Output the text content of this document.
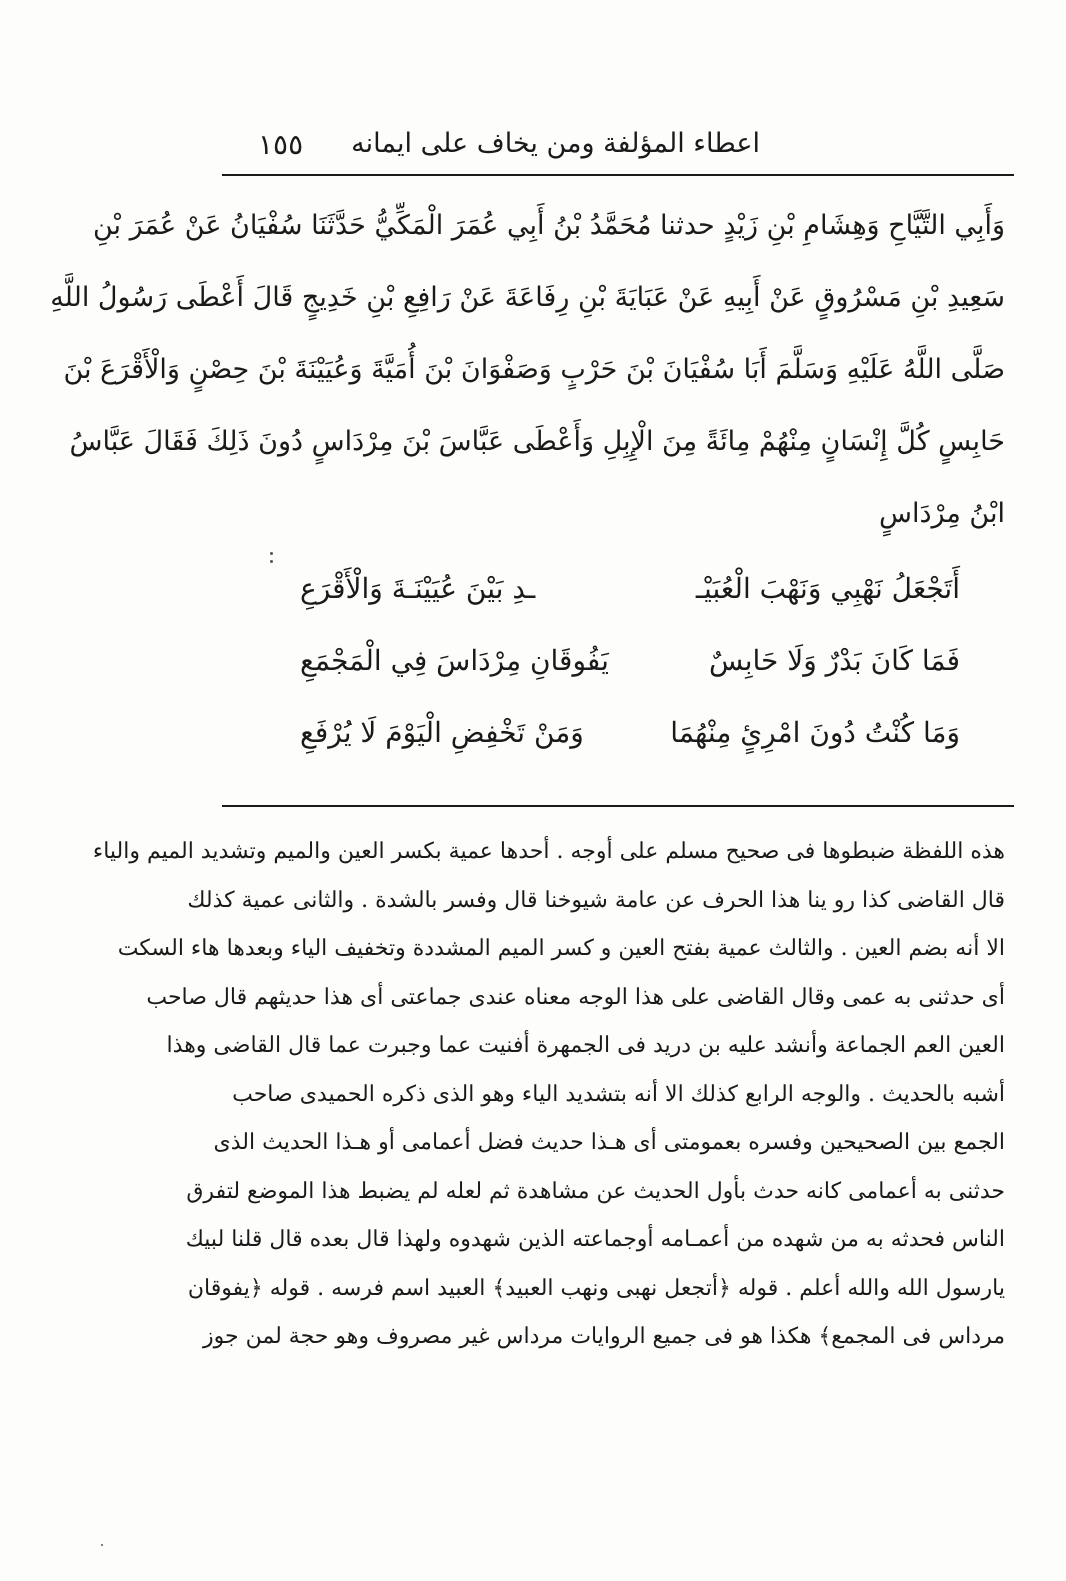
١٥٥ اعطاء المؤلفة ومن يخاف على ايمانه
وَأَبِي التَّيَّاحِ وَهِشَامِ بْنِ زَيْدٍ حدثنا مُحَمَّدُ بْنُ أَبِي عُمَرَ الْمَكِّيُّ حَدَّثَنَا سُفْيَانُ عَنْ عُمَرَ بْنِ
سَعِيدِ بْنِ مَسْرُوقٍ عَنْ أَبِيهِ عَنْ عَبَايَةَ بْنِ رِفَاعَةَ عَنْ رَافِعِ بْنِ خَدِيجٍ قَالَ أَعْطَى رَسُولُ اللَّهِ
صَلَّى اللَّهُ عَلَيْهِ وَسَلَّمَ أَبَا سُفْيَانَ بْنَ حَرْبٍ وَصَفْوَانَ بْنَ أُمَيَّةَ وَعُيَيْنَةَ بْنَ حِصْنٍ وَالْأَقْرَعَ بْنَ
حَابِسٍ كُلَّ إِنْسَانٍ مِنْهُمْ مِائَةً مِنَ الْإِبِلِ وَأَعْطَى عَبَّاسَ بْنَ مِرْدَاسٍ دُونَ ذَلِكَ فَقَالَ عَبَّاسُ
ابْنُ مِرْدَاسٍ
أَتَجْعَلُ نَهْبِي وَنَهْبَ الْعُبَيْـ
ـدِ بَيْنَ عُيَيْنَـةَ وَالْأَقْرَعِ
فَمَا كَانَ بَدْرٌ وَلَا حَابِسٌ
يَفُوقَانِ مِرْدَاسَ فِي الْمَجْمَعِ
وَمَا كُنْتُ دُونَ امْرِئٍ مِنْهُمَا
وَمَنْ تَخْفِضِ الْيَوْمَ لَا يُرْفَعِ
هذه اللفظة ضبطوها فى صحيح مسلم على أوجه . أحدها عمية بكسر العين والميم وتشديد الميم والياء
قال القاضى كذا رو ينا هذا الحرف عن عامة شيوخنا قال وفسر بالشدة . والثانى عمية كذلك
الا أنه بضم العين . والثالث عمية بفتح العين و كسر الميم المشددة وتخفيف الياء وبعدها هاء السكت
أى حدثنى به عمى وقال القاضى على هذا الوجه معناه عندى جماعتى أى هذا حديثهم قال صاحب
العين العم الجماعة وأنشد عليه بن دريد فى الجمهرة أفنيت عما وجبرت عما قال القاضى وهذا
أشبه بالحديث . والوجه الرابع كذلك الا أنه بتشديد الياء وهو الذى ذكره الحميدى صاحب
الجمع بين الصحيحين وفسره بعمومتى أى هـذا حديث فضل أعمامى أو هـذا الحديث الذى
حدثنى به أعمامى كانه حدث بأول الحديث عن مشاهدة ثم لعله لم يضبط هذا الموضع لتفرق
الناس فحدثه به من شهده من أعمـامه أوجماعته الذين شهدوه ولهذا قال بعده قال قلنا لبيك
يارسول الله والله أعلم . قوله ﴿أتجعل نهبى ونهب العبيد﴾ العبيد اسم فرسه . قوله ﴿يفوقان
مرداس فى المجمع﴾ هكذا هو فى جميع الروايات مرداس غير مصروف وهو حجة لمن جوز
